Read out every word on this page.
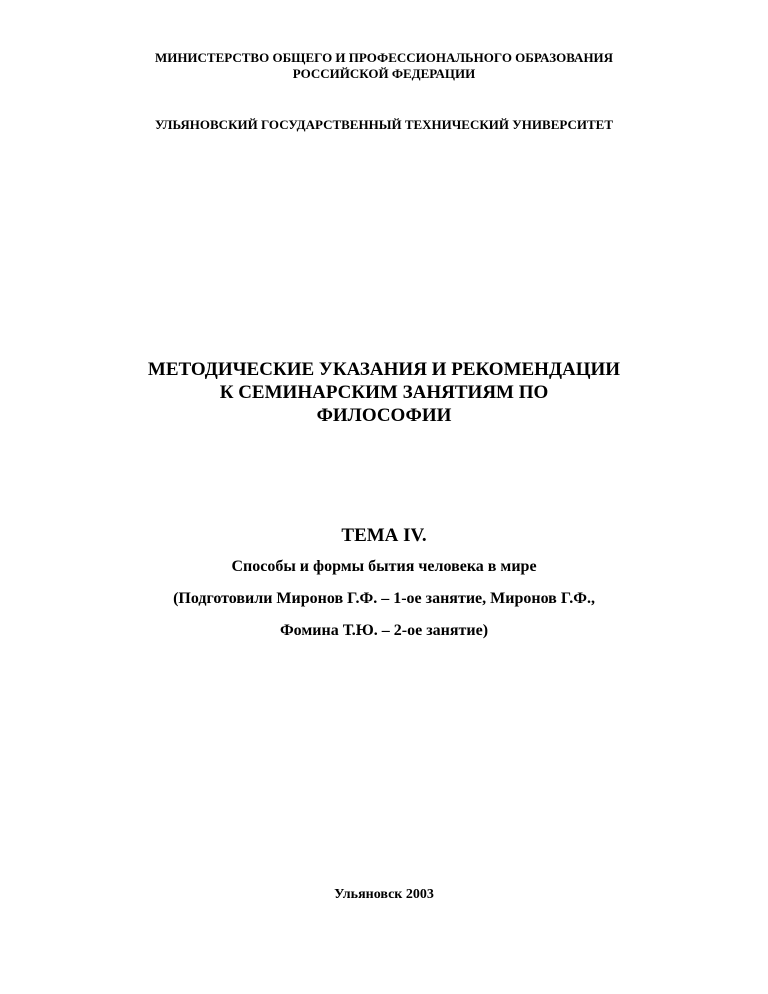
МИНИСТЕРСТВО ОБЩЕГО И ПРОФЕССИОНАЛЬНОГО ОБРАЗОВАНИЯ
РОССИЙСКОЙ ФЕДЕРАЦИИ
УЛЬЯНОВСКИЙ ГОСУДАРСТВЕННЫЙ ТЕХНИЧЕСКИЙ УНИВЕРСИТЕТ
МЕТОДИЧЕСКИЕ УКАЗАНИЯ И РЕКОМЕНДАЦИИ
К СЕМИНАРСКИМ ЗАНЯТИЯМ ПО
ФИЛОСОФИИ
ТЕМА IV.
Способы и формы бытия человека в мире
(Подготовили Миронов Г.Ф. – 1-ое занятие, Миронов Г.Ф.,
Фомина Т.Ю. – 2-ое занятие)
Ульяновск 2003
